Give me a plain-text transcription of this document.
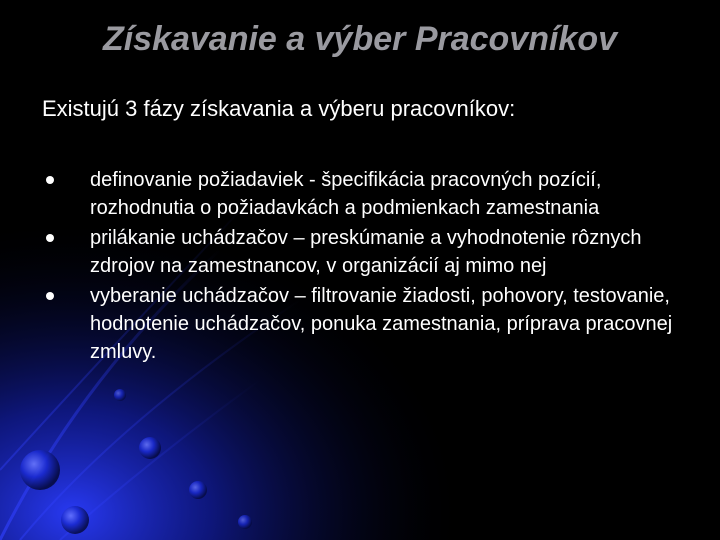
Získavanie a výber Pracovníkov
Existujú 3 fázy získavania a výberu pracovníkov:
definovanie požiadaviek - špecifikácia pracovných pozícií, rozhodnutia o požiadavkách a podmienkach zamestnania
prilákanie uchádzačov – preskúmanie a vyhodnotenie rôznych zdrojov na zamestnancov, v organizácií aj mimo nej
vyberanie uchádzačov – filtrovanie žiadosti, pohovory, testovanie, hodnotenie uchádzačov, ponuka zamestnania, príprava pracovnej zmluvy.
